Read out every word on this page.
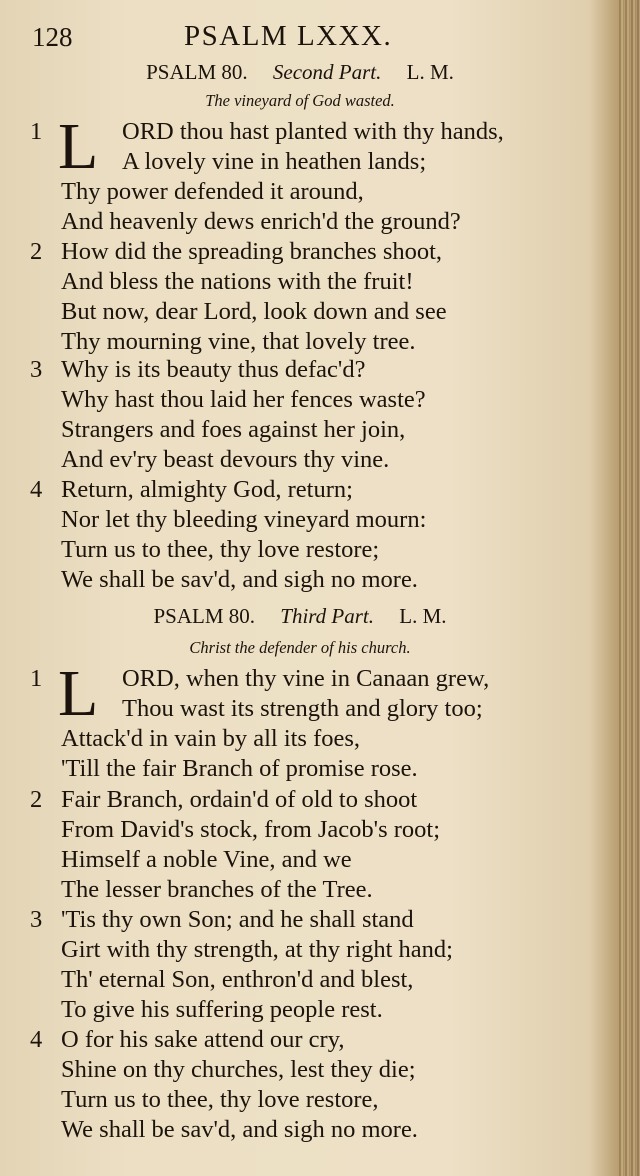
128	PSALM LXXX.
PSALM 80. Second Part. L. M.
The vineyard of God wasted.
1 L ORD thou hast planted with thy hands,
A lovely vine in heathen lands;
Thy power defended it around,
And heavenly dews enrich'd the ground?
2 How did the spreading branches shoot,
And bless the nations with the fruit!
But now, dear Lord, look down and see
Thy mourning vine, that lovely tree.
3 Why is its beauty thus defac'd?
Why hast thou laid her fences waste?
Strangers and foes against her join,
And ev'ry beast devours thy vine.
4 Return, almighty God, return;
Nor let thy bleeding vineyard mourn:
Turn us to thee, thy love restore;
We shall be sav'd, and sigh no more.
PSALM 80. Third Part. L. M.
Christ the defender of his church.
1 L ORD, when thy vine in Canaan grew,
Thou wast its strength and glory too;
Attack'd in vain by all its foes,
'Till the fair Branch of promise rose.
2 Fair Branch, ordain'd of old to shoot
From David's stock, from Jacob's root;
Himself a noble Vine, and we
The lesser branches of the Tree.
3 'Tis thy own Son; and he shall stand
Girt with thy strength, at thy right hand;
Th' eternal Son, enthron'd and blest,
To give his suffering people rest.
4 O for his sake attend our cry,
Shine on thy churches, lest they die;
Turn us to thee, thy love restore,
We shall be sav'd, and sigh no more.
